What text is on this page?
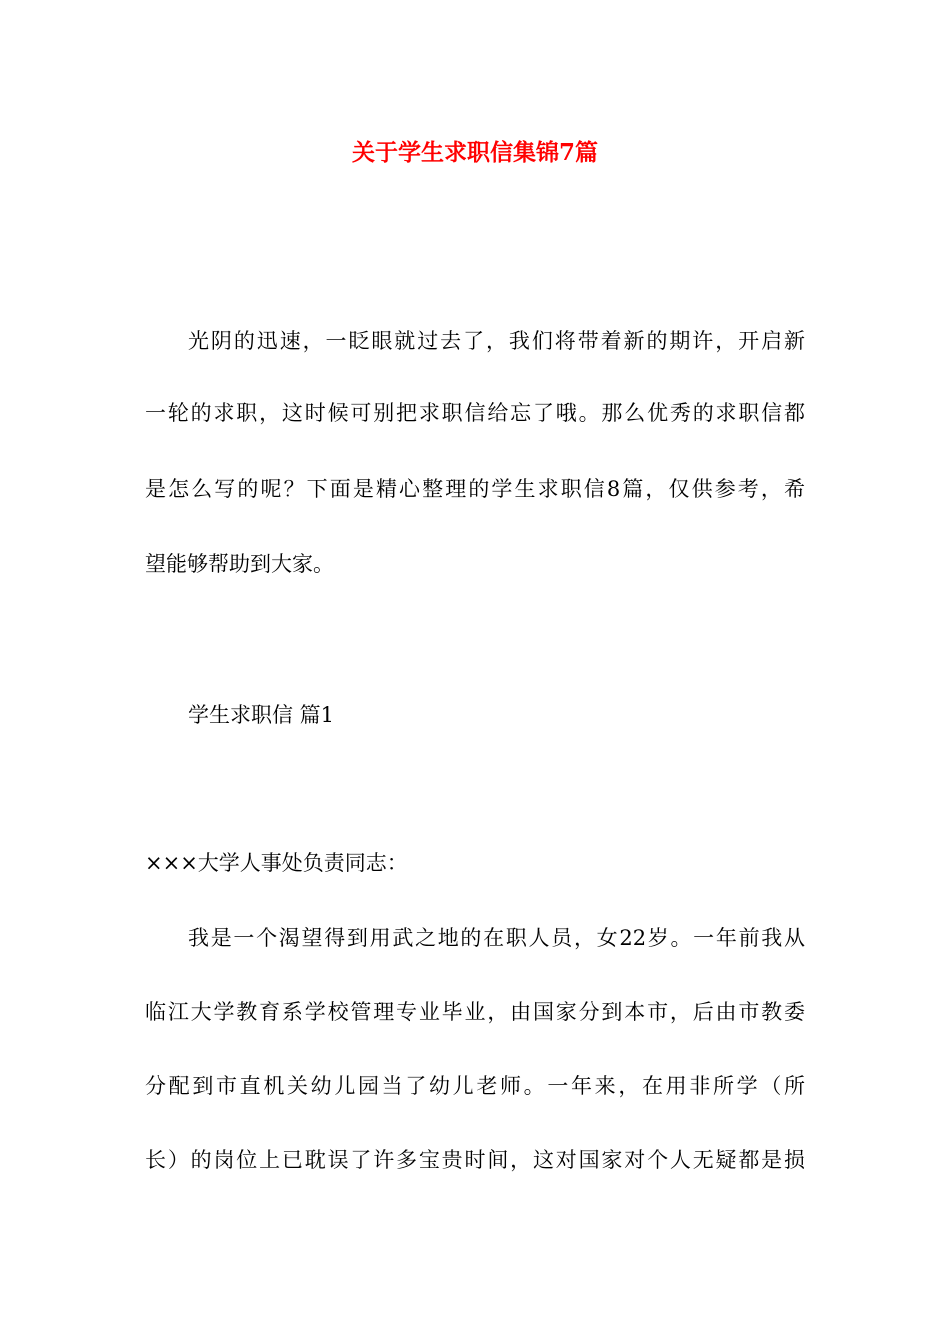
关于学生求职信集锦7篇
光阴的迅速，一眨眼就过去了，我们将带着新的期许，开启新
一轮的求职，这时候可别把求职信给忘了哦。那么优秀的求职信都
是怎么写的呢？下面是精心整理的学生求职信8篇，仅供参考，希
望能够帮助到大家。
学生求职信 篇1
×××大学人事处负责同志：
我是一个渴望得到用武之地的在职人员，女22岁。一年前我从
临江大学教育系学校管理专业毕业，由国家分到本市，后由市教委
分配到市直机关幼儿园当了幼儿老师。一年来，在用非所学（所
长）的岗位上已耽误了许多宝贵时间，这对国家对个人无疑都是损
